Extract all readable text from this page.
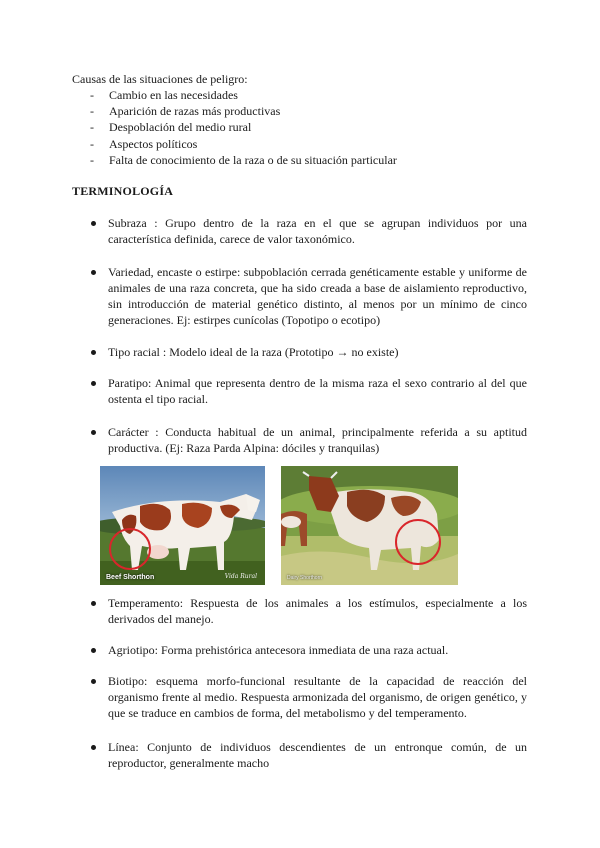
Causas de las situaciones de peligro:
- Cambio en las necesidades
- Aparición de razas más productivas
- Despoblación del medio rural
- Aspectos políticos
- Falta de conocimiento de la raza o de su situación particular
TERMINOLOGÍA

Subraza : Grupo dentro de la raza en el que se agrupan individuos por una característica definida, carece de valor taxonómico.

Variedad, encaste o estirpe: subpoblación cerrada genéticamente estable y uniforme de animales de una raza concreta, que ha sido creada a base de aislamiento reproductivo, sin introducción de material genético distinto, al menos por un mínimo de cinco generaciones. Ej: estirpes cunícolas (Topotipo o ecotipo)

Tipo racial : Modelo ideal de la raza (Prototipo → no existe)

Paratipo: Animal que representa dentro de la misma raza el sexo contrario al del que ostenta el tipo racial.

Carácter : Conducta habitual de un animal, principalmente referida a su aptitud productiva. (Ej: Raza Parda Alpina: dóciles y tranquilas)

Beef Shorthon	Vida Rural	Dairy Shorthorn

Temperamento: Respuesta de los animales a los estímulos, especialmente a los derivados del manejo.

Agriotipo: Forma prehistórica antecesora inmediata de una raza actual.

Biotipo: esquema morfo-funcional resultante de la capacidad de reacción del organismo frente al medio. Respuesta armonizada del organismo, de origen genético, y que se traduce en cambios de forma, del metabolismo y del temperamento.

Línea: Conjunto de individuos descendientes de un entronque común, de un reproductor, generalmente macho
